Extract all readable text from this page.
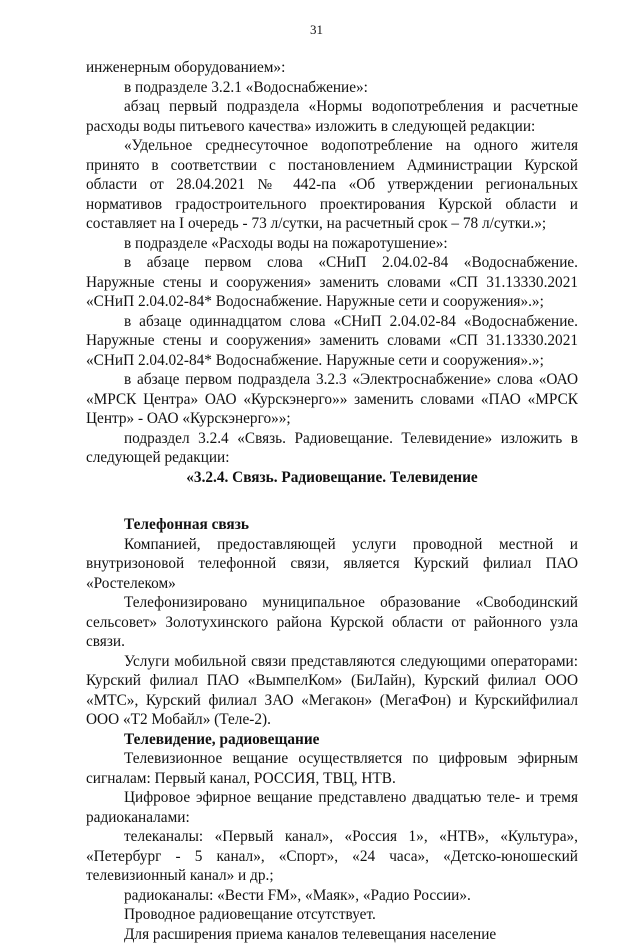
31

инженерным оборудованием»:

в подразделе 3.2.1 «Водоснабжение»:

абзац первый подраздела «Нормы водопотребления и расчетные расходы воды питьевого качества» изложить в следующей редакции:

«Удельное среднесуточное водопотребление на одного жителя принято в соответствии с постановлением Администрации Курской области от 28.04.2021 № 442-па «Об утверждении региональных нормативов градостроительного проектирования Курской области и составляет на I очередь - 73 л/сутки, на расчетный срок – 78 л/сутки.»;

в подразделе «Расходы воды на пожаротушение»:

в абзаце первом слова «СНиП 2.04.02-84 «Водоснабжение. Наружные стены и сооружения» заменить словами «СП 31.13330.2021 «СНиП 2.04.02-84* Водоснабжение. Наружные сети и сооружения».»;

в абзаце одиннадцатом слова «СНиП 2.04.02-84 «Водоснабжение. Наружные стены и сооружения» заменить словами «СП 31.13330.2021 «СНиП 2.04.02-84* Водоснабжение. Наружные сети и сооружения».»;

в абзаце первом подраздела 3.2.3 «Электроснабжение» слова «ОАО «МРСК Центра» ОАО «Курскэнерго»» заменить словами «ПАО «МРСК Центр» - ОАО «Курскэнерго»»;

подраздел 3.2.4 «Связь. Радиовещание. Телевидение» изложить в следующей редакции:

«3.2.4. Связь. Радиовещание. Телевидение

Телефонная связь

Компанией, предоставляющей услуги проводной местной и внутризоновой телефонной связи, является Курский филиал ПАО «Ростелеком»

Телефонизировано муниципальное образование «Свободинский сельсовет» Золотухинского района Курской области от районного узла связи.

Услуги мобильной связи представляются следующими операторами: Курский филиал ПАО «ВымпелКом» (БиЛайн), Курский филиал ООО «МТС», Курский филиал ЗАО «Мегакон» (МегаФон) и Курскийфилиал ООО «Т2 Мобайл» (Теле-2).

Телевидение, радиовещание

Телевизионное вещание осуществляется по цифровым эфирным сигналам: Первый канал, РОССИЯ, ТВЦ, НТВ.

Цифровое эфирное вещание представлено двадцатью теле- и тремя радиоканалами:

телеканалы: «Первый канал», «Россия 1», «НТВ», «Культура», «Петербург - 5 канал», «Спорт», «24 часа», «Детско-юношеский телевизионный канал» и др.;

радиоканалы: «Вести FM», «Маяк», «Радио России».

Проводное радиовещание отсутствует.

Для расширения приема каналов телевещания население
